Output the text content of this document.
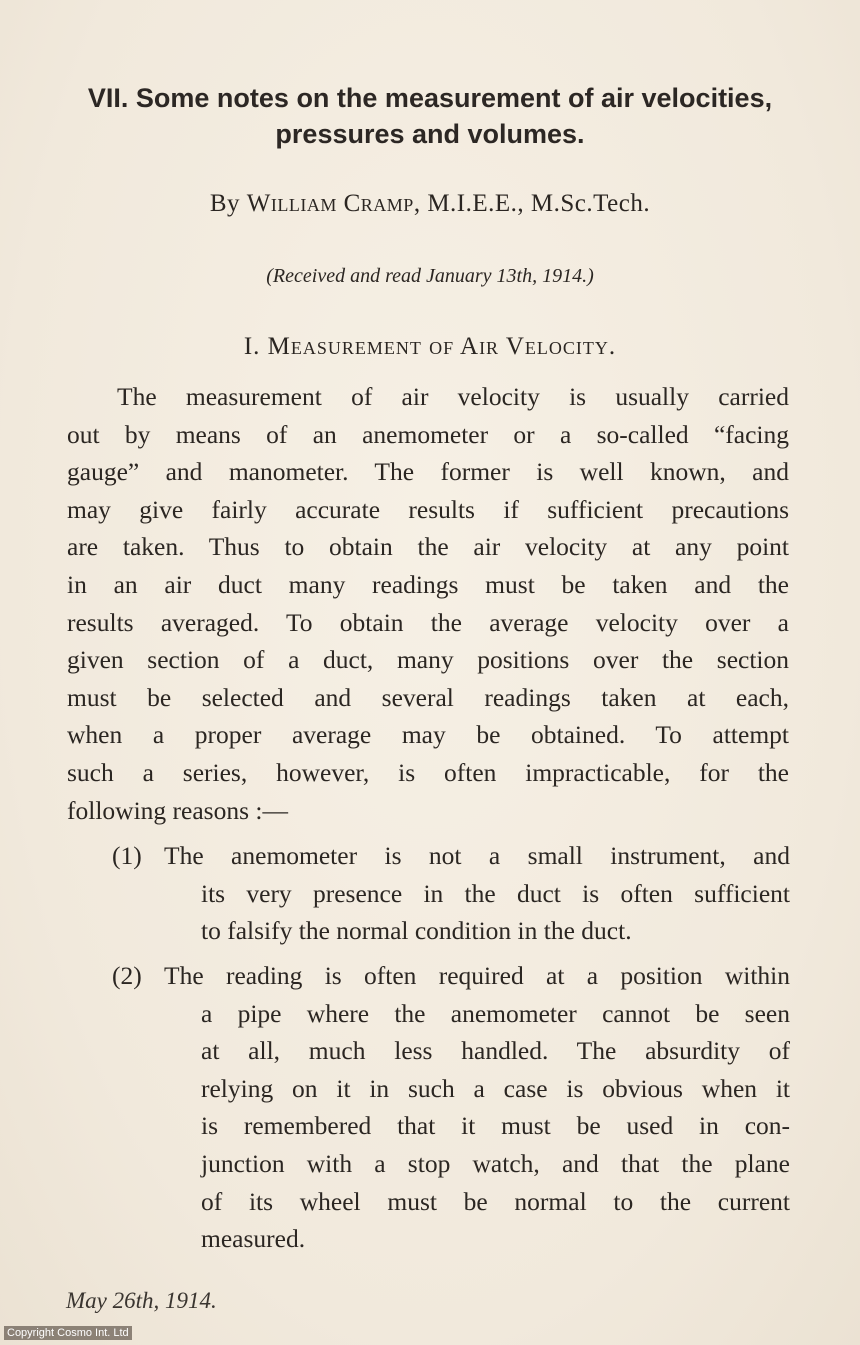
VII. Some notes on the measurement of air velocities,
pressures and volumes.
By William Cramp, M.I.E.E., M.Sc.Tech.
(Received and read January 13th, 1914.)
I. Measurement of Air Velocity.
The measurement of air velocity is usually carried
out by means of an anemometer or a so-called “facing
gauge” and manometer. The former is well known, and
may give fairly accurate results if sufficient precautions
are taken. Thus to obtain the air velocity at any point
in an air duct many readings must be taken and the
results averaged. To obtain the average velocity over a
given section of a duct, many positions over the section
must be selected and several readings taken at each,
when a proper average may be obtained. To attempt
such a series, however, is often impracticable, for the
following reasons :—
(1) The anemometer is not a small instrument, and
its very presence in the duct is often sufficient
to falsify the normal condition in the duct.
(2) The reading is often required at a position within
a pipe where the anemometer cannot be seen
at all, much less handled. The absurdity of
relying on it in such a case is obvious when it
is remembered that it must be used in con-
junction with a stop watch, and that the plane
of its wheel must be normal to the current
measured.
May 26th, 1914.
Copyright Cosmo Int. Ltd
